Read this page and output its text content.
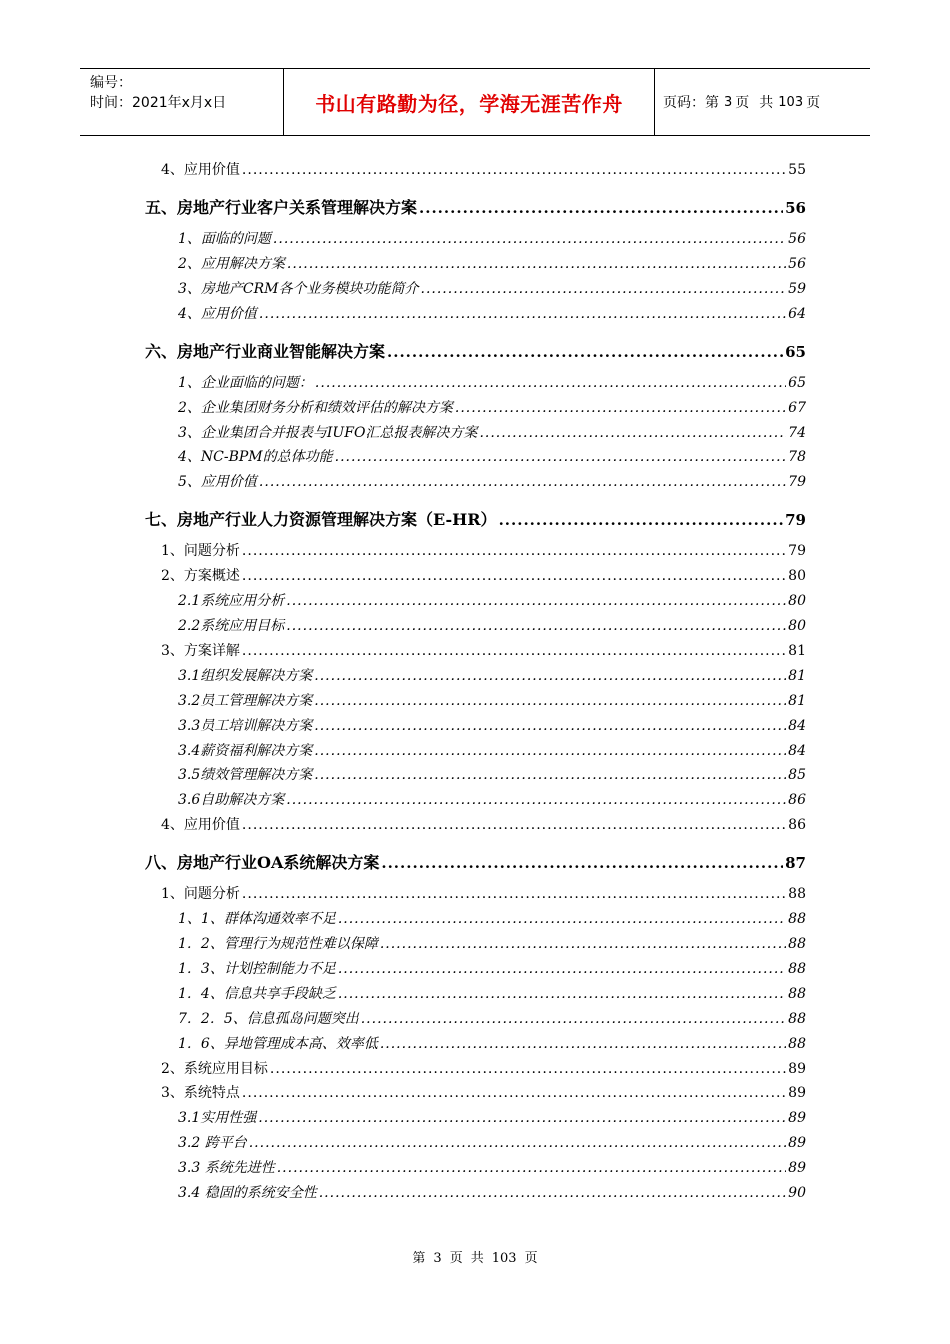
编号：
时间：2021年x月x日	书山有路勤为径，学海无涯苦作舟	页码：第 3 页 共 103 页
4、应用价值 .....	55
五、房地产行业客户关系管理解决方案 .....	56
1、面临的问题 .....	56
2、应用解决方案 .....	56
3、房地产CRM各个业务模块功能简介 .....	59
4、应用价值 .....	64
六、房地产行业商业智能解决方案 .....	65
1、企业面临的问题： .....	65
2、企业集团财务分析和绩效评估的解决方案 .....	67
3、企业集团合并报表与IUFO汇总报表解决方案 .....	74
4、NC-BPM的总体功能 .....	78
5、应用价值 .....	79
七、房地产行业人力资源管理解决方案（E-HR） .....	79
1、问题分析 .....	79
2、方案概述 .....	80
2.1系统应用分析 .....	80
2.2系统应用目标 .....	80
3、方案详解 .....	81
3.1组织发展解决方案 .....	81
3.2员工管理解决方案 .....	81
3.3员工培训解决方案 .....	84
3.4薪资福利解决方案 .....	84
3.5绩效管理解决方案 .....	85
3.6自助解决方案 .....	86
4、应用价值 .....	86
八、房地产行业OA系统解决方案 .....	87
1、问题分析 .....	88
1、1、群体沟通效率不足 .....	88
1．2、管理行为规范性难以保障 .....	88
1．3、计划控制能力不足 .....	88
1．4、信息共享手段缺乏 .....	88
7．2．5、信息孤岛问题突出 .....	88
1．6、异地管理成本高、效率低 .....	88
2、系统应用目标 .....	89
3、系统特点 .....	89
3.1实用性强 .....	89
3.2 跨平台 .....	89
3.3 系统先进性 .....	89
3.4 稳固的系统安全性 .....	90
第 3 页 共 103 页
